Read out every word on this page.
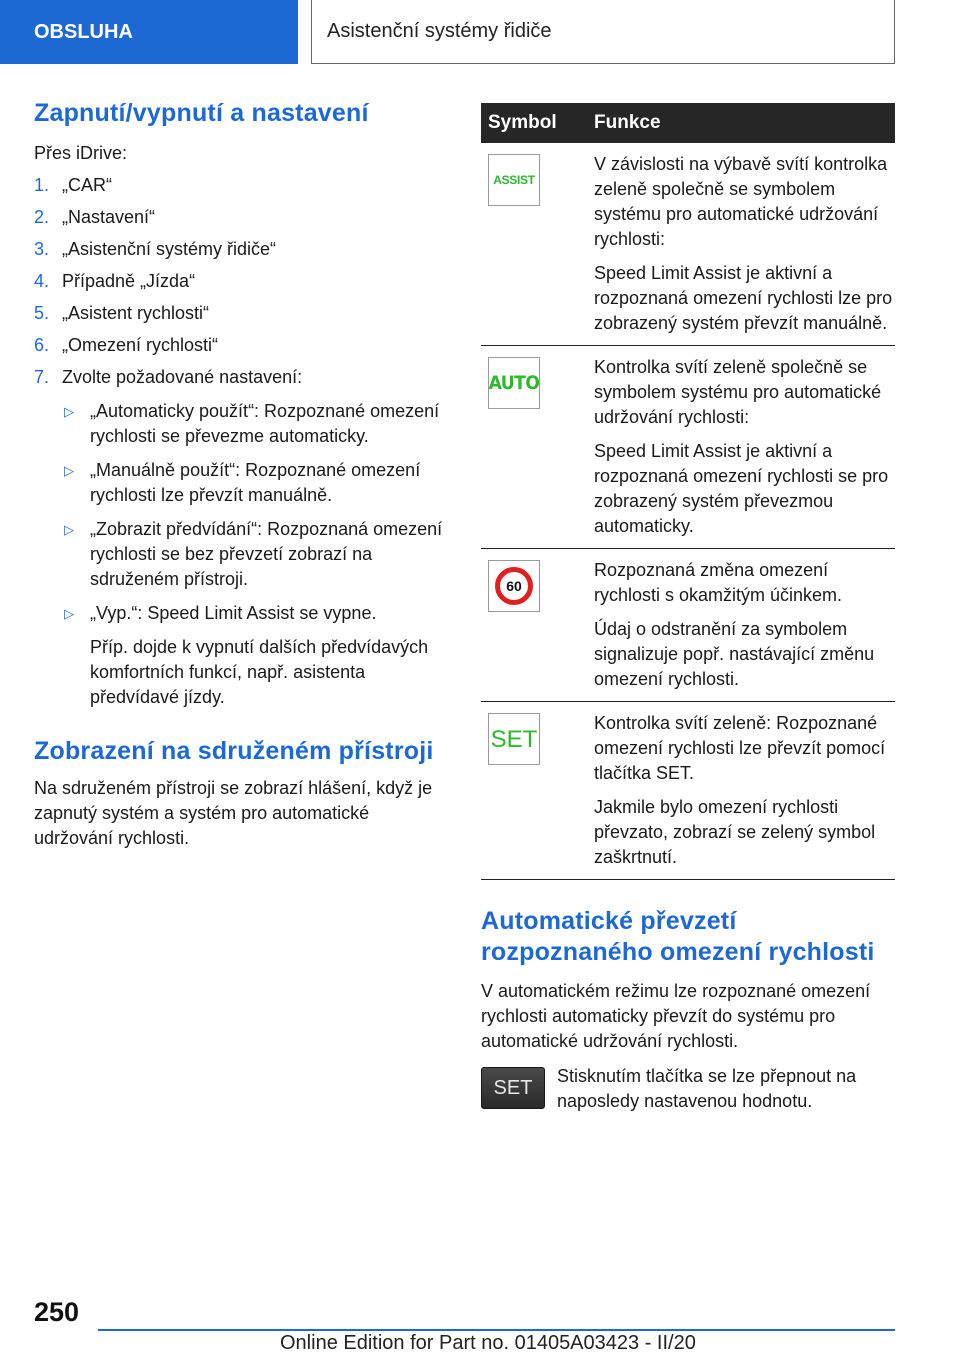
OBSLUHA	Asistenční systémy řidiče
Zapnutí/vypnutí a nastavení

Přes iDrive:

1. „CAR“
2. „Nastavení“
3. „Asistenční systémy řidiče“
4. Případně „Jízda“
5. „Asistent rychlosti“
6. „Omezení rychlosti“
7. Zvolte požadované nastavení:
▷ „Automaticky použít“: Rozpoznané omezení rychlosti se převezme automaticky.
▷ „Manuálně použít“: Rozpoznané omezení rychlosti lze převzít manuálně.
▷ „Zobrazit předvídání“: Rozpoznaná omezení rychlosti se bez převzetí zobrazí na sdruženém přístroji.
▷ „Vyp.“: Speed Limit Assist se vypne.

Příp. dojde k vypnutí dalších předvídavých komfortních funkcí, např. asistenta předvídavé jízdy.

Zobrazení na sdruženém přístroji

Na sdruženém přístroji se zobrazí hlášení, když je zapnutý systém a systém pro automatické udržování rychlosti.

Symbol	Funkce

ASSIST	V závislosti na výbavě svítí kontrolka zeleně společně se symbolem systému pro automatické udržování rychlosti:

Speed Limit Assist je aktivní a rozpoznaná omezení rychlosti lze pro zobrazený systém převzít manuálně.

AUTO	Kontrolka svítí zeleně společně se symbolem systému pro automatické udržování rychlosti:

Speed Limit Assist je aktivní a rozpoznaná omezení rychlosti se pro zobrazený systém převezmou automaticky.

60	Rozpoznaná změna omezení rychlosti s okamžitým účinkem.

Údaj o odstranění za symbolem signalizuje popř. nastávající změnu omezení rychlosti.

SET	Kontrolka svítí zeleně: Rozpoznané omezení rychlosti lze převzít pomocí tlačítka SET.

Jakmile bylo omezení rychlosti převzato, zobrazí se zelený symbol zaškrtnutí.

Automatické převzetí rozpoznaného omezení rychlosti

V automatickém režimu lze rozpoznané omezení rychlosti automaticky převzít do systému pro automatické udržování rychlosti.

SET

Stisknutím tlačítka se lze přepnout na naposledy nastavenou hodnotu.

250
Online Edition for Part no. 01405A03423 - II/20
